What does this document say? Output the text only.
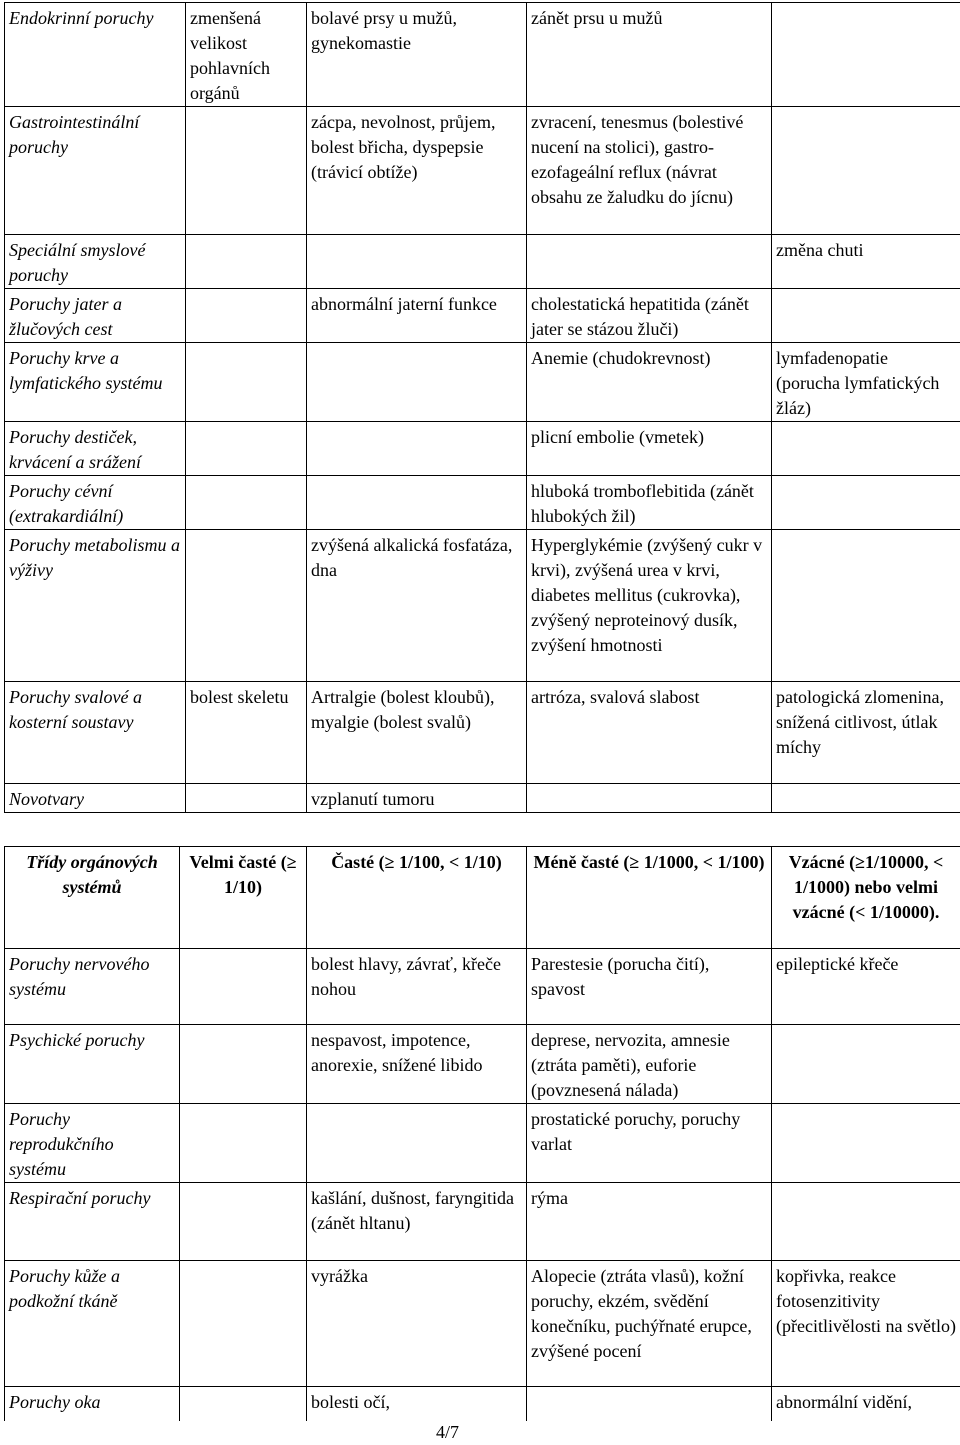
Endokrinní poruchy	zmenšená velikost pohlavních orgánů	bolavé prsy u mužů, gynekomastie	zánět prsu u mužů	
Gastrointestinální poruchy		zácpa, nevolnost, průjem, bolest břicha, dyspepsie (trávicí obtíže)	zvracení, tenesmus (bolestivé nucení na stolici), gastro-ezofageální reflux (návrat obsahu ze žaludku do jícnu)	
Speciální smyslové poruchy				změna chuti
Poruchy jater a žlučových cest		abnormální jaterní funkce	cholestatická hepatitida (zánět jater se stázou žluči)	
Poruchy krve a lymfatického systému			Anemie (chudokrevnost)	lymfadenopatie (porucha lymfatických žláz)
Poruchy destiček, krvácení a srážení			plicní embolie (vmetek)	
Poruchy cévní (extrakardiální)			hluboká tromboflebitida (zánět hlubokých žil)	
Poruchy metabolismu a výživy		zvýšená alkalická fosfatáza, dna	Hyperglykémie (zvýšený cukr v krvi), zvýšená urea v krvi, diabetes mellitus (cukrovka), zvýšený neproteinový dusík, zvýšení hmotnosti	
Poruchy svalové a kosterní soustavy	bolest skeletu	Artralgie (bolest kloubů), myalgie (bolest svalů)	artróza, svalová slabost	patologická zlomenina, snížená citlivost, útlak míchy
Novotvary		vzplanutí tumoru		
Třídy orgánových systémů	Velmi časté (≥ 1/10)	Časté (≥ 1/100, < 1/10)	Méně časté (≥ 1/1000, < 1/100)	Vzácné (≥1/10000, < 1/1000) nebo velmi vzácné (< 1/10000).
Poruchy nervového systému		bolest hlavy, závrať, křeče nohou	Parestesie (porucha čití), spavost	epileptické křeče
Psychické poruchy		nespavost, impotence, anorexie, snížené libido	deprese, nervozita, amnesie (ztráta paměti), euforie (povznesená nálada)	
Poruchy reprodukčního systému			prostatické poruchy, poruchy varlat	
Respirační poruchy		kašlání, dušnost, faryngitida (zánět hltanu)	rýma	
Poruchy kůže a podkožní tkáně		vyrážka	Alopecie (ztráta vlasů), kožní poruchy, ekzém, svědění konečníku, puchýřnaté erupce, zvýšené pocení	kopřivka, reakce fotosenzitivity (přecitlivělosti na světlo)
Poruchy oka		bolesti očí,		abnormální vidění,
4/7
